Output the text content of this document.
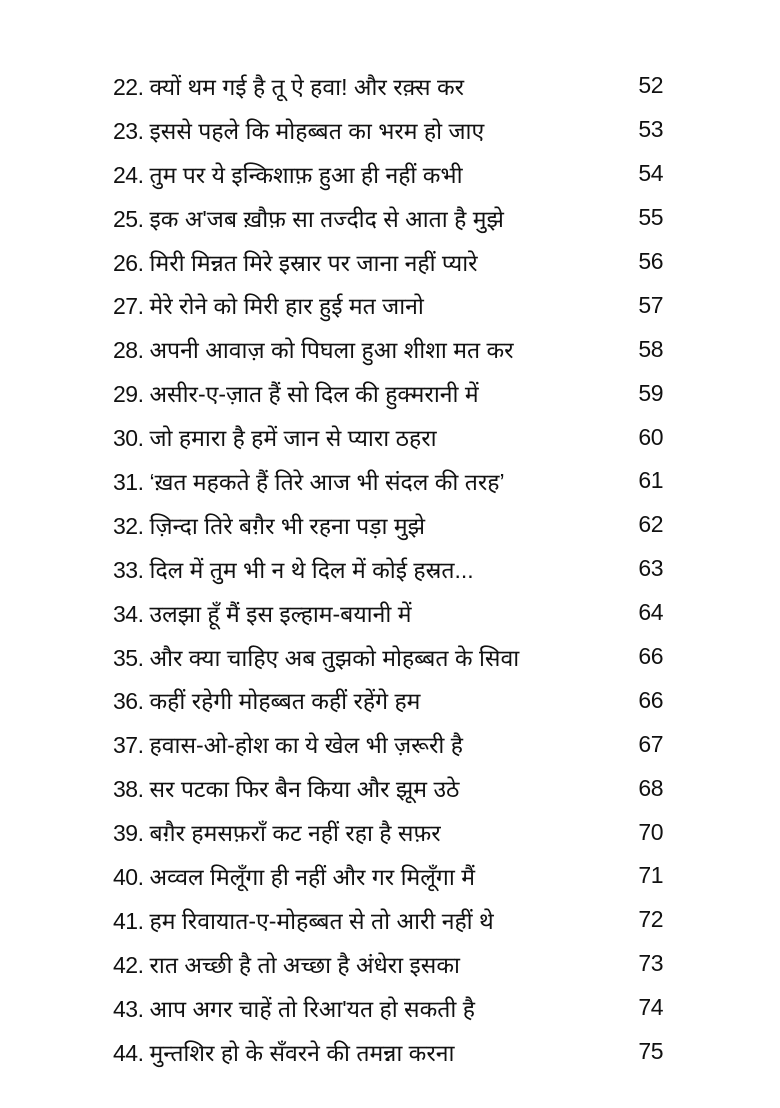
22. क्यों थम गई है तू ऐ हवा! और रक़्स कर	52
23. इससे पहले कि मोहब्बत का भरम हो जाए	53
24. तुम पर ये इन्किशाफ़ हुआ ही नहीं कभी	54
25. इक अ'जब ख़ौफ़ सा तज्दीद से आता है मुझे	55
26. मिरी मिन्नत मिरे इस्रार पर जाना नहीं प्यारे	56
27. मेरे रोने को मिरी हार हुई मत जानो	57
28. अपनी आवाज़ को पिघला हुआ शीशा मत कर	58
29. असीर-ए-ज़ात हैं सो दिल की हुक्मरानी में	59
30. जो हमारा है हमें जान से प्यारा ठहरा	60
31. ‘ख़त महकते हैं तिरे आज भी संदल की तरह’	61
32. ज़िन्दा तिरे बग़ैर भी रहना पड़ा मुझे	62
33. दिल में तुम भी न थे दिल में कोई हस्रत...	63
34. उलझा हूँ मैं इस इल्हाम-बयानी में	64
35. और क्या चाहिए अब तुझको मोहब्बत के सिवा	66
36. कहीं रहेगी मोहब्बत कहीं रहेंगे हम	66
37. हवास-ओ-होश का ये खेल भी ज़रूरी है	67
38. सर पटका फिर बैन किया और झूम उठे	68
39. बग़ैर हमसफ़राँ कट नहीं रहा है सफ़र	70
40. अव्वल मिलूँगा ही नहीं और गर मिलूँगा मैं	71
41. हम रिवायात-ए-मोहब्बत से तो आरी नहीं थे	72
42. रात अच्छी है तो अच्छा है अंधेरा इसका	73
43. आप अगर चाहें तो रिआ'यत हो सकती है	74
44. मुन्तशिर हो के सँवरने की तमन्ना करना	75
